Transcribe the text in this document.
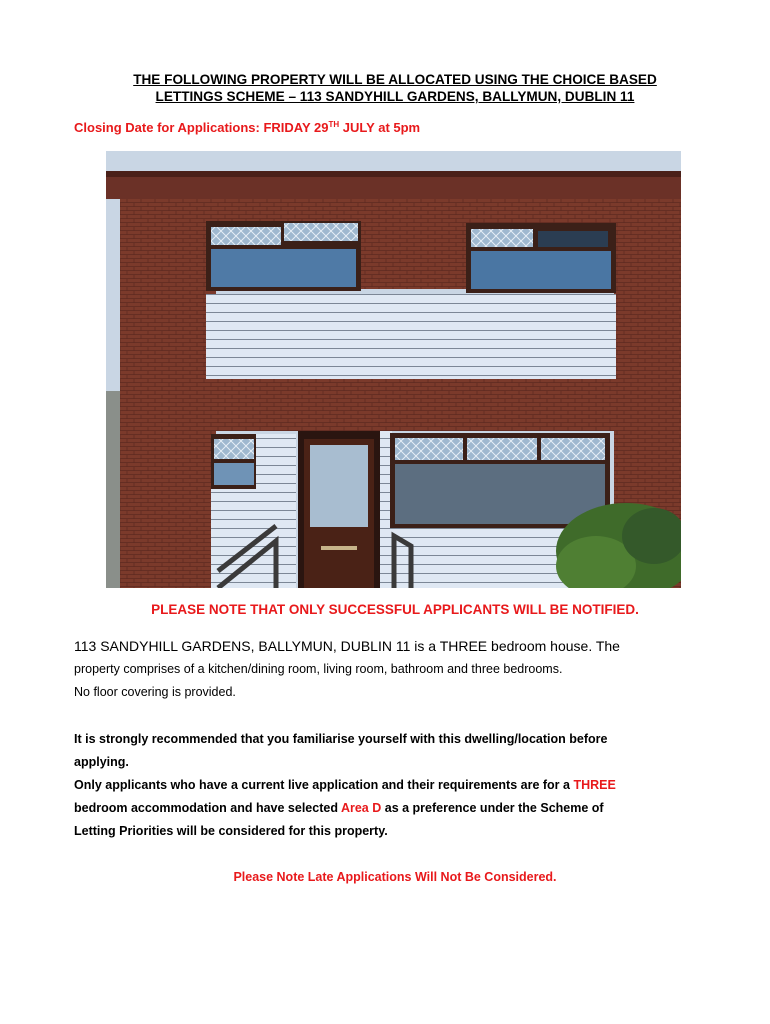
THE FOLLOWING PROPERTY WILL BE ALLOCATED USING THE CHOICE BASED
LETTINGS SCHEME – 113 SANDYHILL GARDENS, BALLYMUN, DUBLIN 11
Closing Date for Applications: FRIDAY 29TH JULY at 5pm
PLEASE NOTE THAT ONLY SUCCESSFUL APPLICANTS WILL BE NOTIFIED.
113 SANDYHILL GARDENS, BALLYMUN, DUBLIN 11 is a THREE bedroom house. The
property comprises of a kitchen/dining room, living room, bathroom and three bedrooms.
No floor covering is provided.
It is strongly recommended that you familiarise yourself with this dwelling/location before
applying.
Only applicants who have a current live application and their requirements are for a THREE
bedroom accommodation and have selected Area D as a preference under the Scheme of
Letting Priorities will be considered for this property.
Please Note Late Applications Will Not Be Considered.
